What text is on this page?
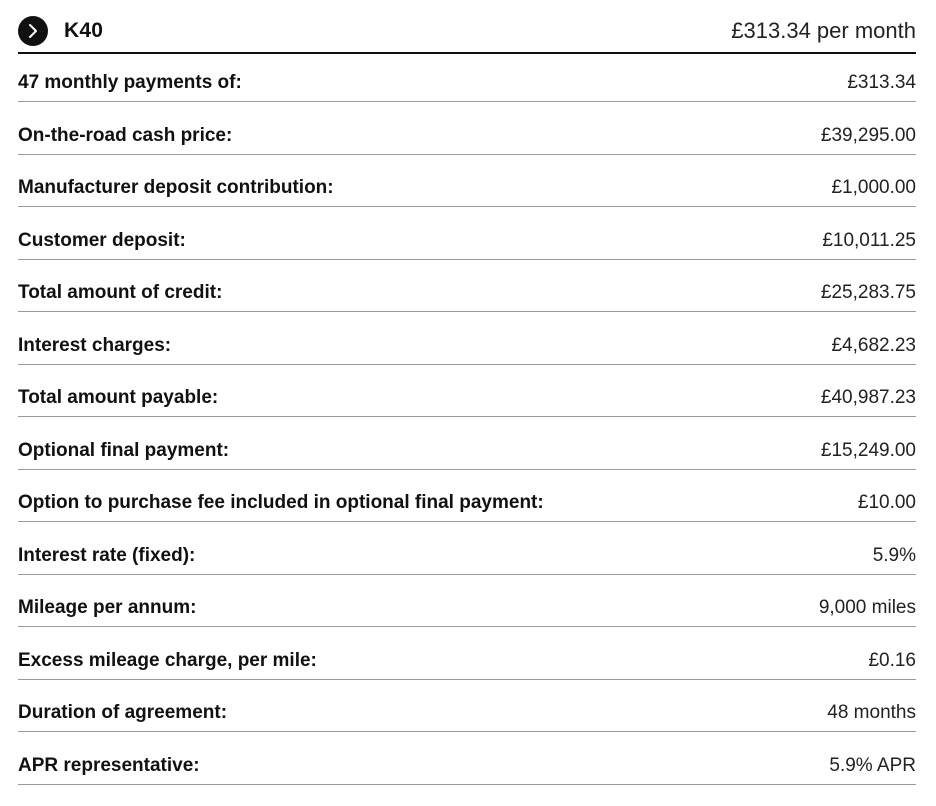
K40	£313.34 per month
47 monthly payments of:	£313.34
On-the-road cash price:	£39,295.00
Manufacturer deposit contribution:	£1,000.00
Customer deposit:	£10,011.25
Total amount of credit:	£25,283.75
Interest charges:	£4,682.23
Total amount payable:	£40,987.23
Optional final payment:	£15,249.00
Option to purchase fee included in optional final payment:	£10.00
Interest rate (fixed):	5.9%
Mileage per annum:	9,000 miles
Excess mileage charge, per mile:	£0.16
Duration of agreement:	48 months
APR representative:	5.9% APR
